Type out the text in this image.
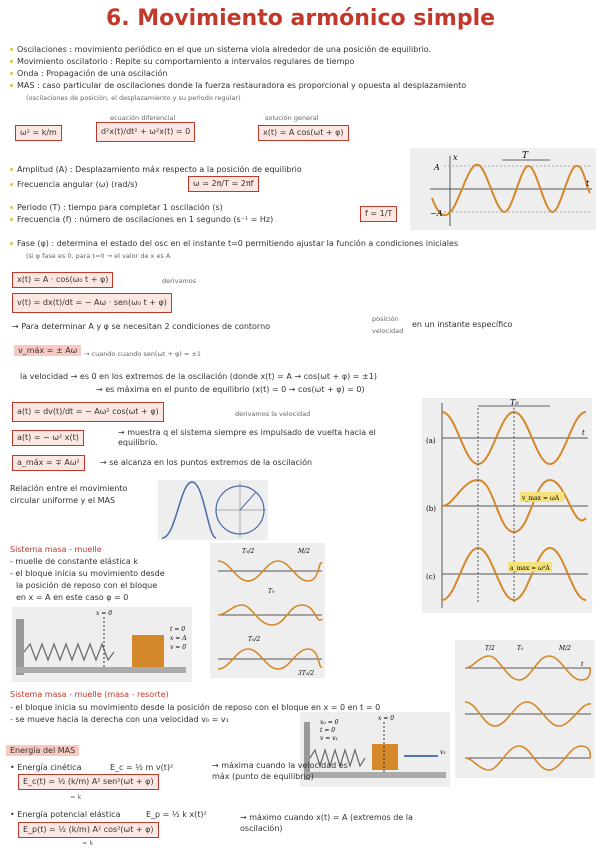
6. Movimiento armónico simple
Oscilaciones : movimiento periódico en el que un sistema viola alrededor de una posición de equilibrio.
Movimiento oscilatorio : Repite su comportamiento a intervalos regulares de tiempo
Onda : Propagación de una oscilación
MAS : caso particular de oscilaciones donde la fuerza restauradora es proporcional y opuesta al desplazamiento
(oscilaciones de posición, el desplazamiento y su periodo regular)
ecuación diferencial	solución general
ω² = k/m	d²x(t)/dt² + ω²x(t) = 0	x(t) = A cos(ωt + φ)
T
A
−A
t
x
Amplitud (A) : Desplazamiento máx respecto a la posición de equilibrio
Frecuencia angular (ω) (rad/s)	ω = 2π/T = 2πf
Periodo (T) : tiempo para completar 1 oscilación (s)
Frecuencia (f) : número de oscilaciones en 1 segundo (s⁻¹ = Hz)
f = 1/T
Fase (φ) : determina el estado del osc en el instante t=0 permitiendo ajustar la función a condiciones iniciales
(si φ fase es 0, para t=0 → el valor de x es A
x(t) = A · cos(ω₀ t + φ)	derivamos
v(t) = dx(t)/dt = − Aω · sen(ω₀ t + φ)
→ Para determinar A y φ se necesitan 2 condiciones de contorno
posición
velocidad
en un instante específico
v_máx = ± Aω	→ cuando cuando sen(ωt + φ) = ±1
la velocidad → es 0 en los extremos de la oscilación (donde x(t) = A → cos(ωt + φ) = ±1)
→ es máxima en el punto de equilibrio (x(t) = 0 → cos(ωt + φ) = 0)
a(t) = dv(t)/dt = − Aω² cos(ωt + φ)	derivamos la velocidad
a(t) = − ω² x(t)
→ muestra q el sistema siempre es impulsado de vuelta hacia el equilibrio.
a_máx = ∓ Aω²	→ se alcanza en los puntos extremos de la oscilación
Relación entre el movimiento
circular uniforme y el MAS
T₀
v_max = ωA
a_max = ω²A
(a)
(b)
(c)
t
Sistema masa - muelle
- muelle de constante elástica k
- el bloque inicia su movimiento desde
la posición de reposo con el bloque
en x = A en este caso φ = 0
x = 0
t = 0
x = A
v = 0
T₀/2	M/2
T₀
T₀/2
3T₀/2
T/2	T₀	M/2
t
Sistema masa - muelle (masa - resorte)
- el bloque inicia su movimiento desde la posición de reposo con el bloque en x = 0 en t = 0
- se mueve hacia la derecha con una velocidad v₀ = v₁	x₀ = 0
t = 0
v = v₁
x = 0
v₁
Energía del MAS
• Energía cinética	E_c = ½ m v(t)²
E_c(t) = ½ (k/m) A² sen²(ωt + φ)
= k
→ máxima cuando la velocidad es máx (punto de equilibrio)
• Energía potencial elástica	E_p = ½ k x(t)²
E_p(t) = ½ (k/m) A² cos²(ωt + φ)
= k
→ máximo cuando x(t) = A (extremos de la oscilación)
